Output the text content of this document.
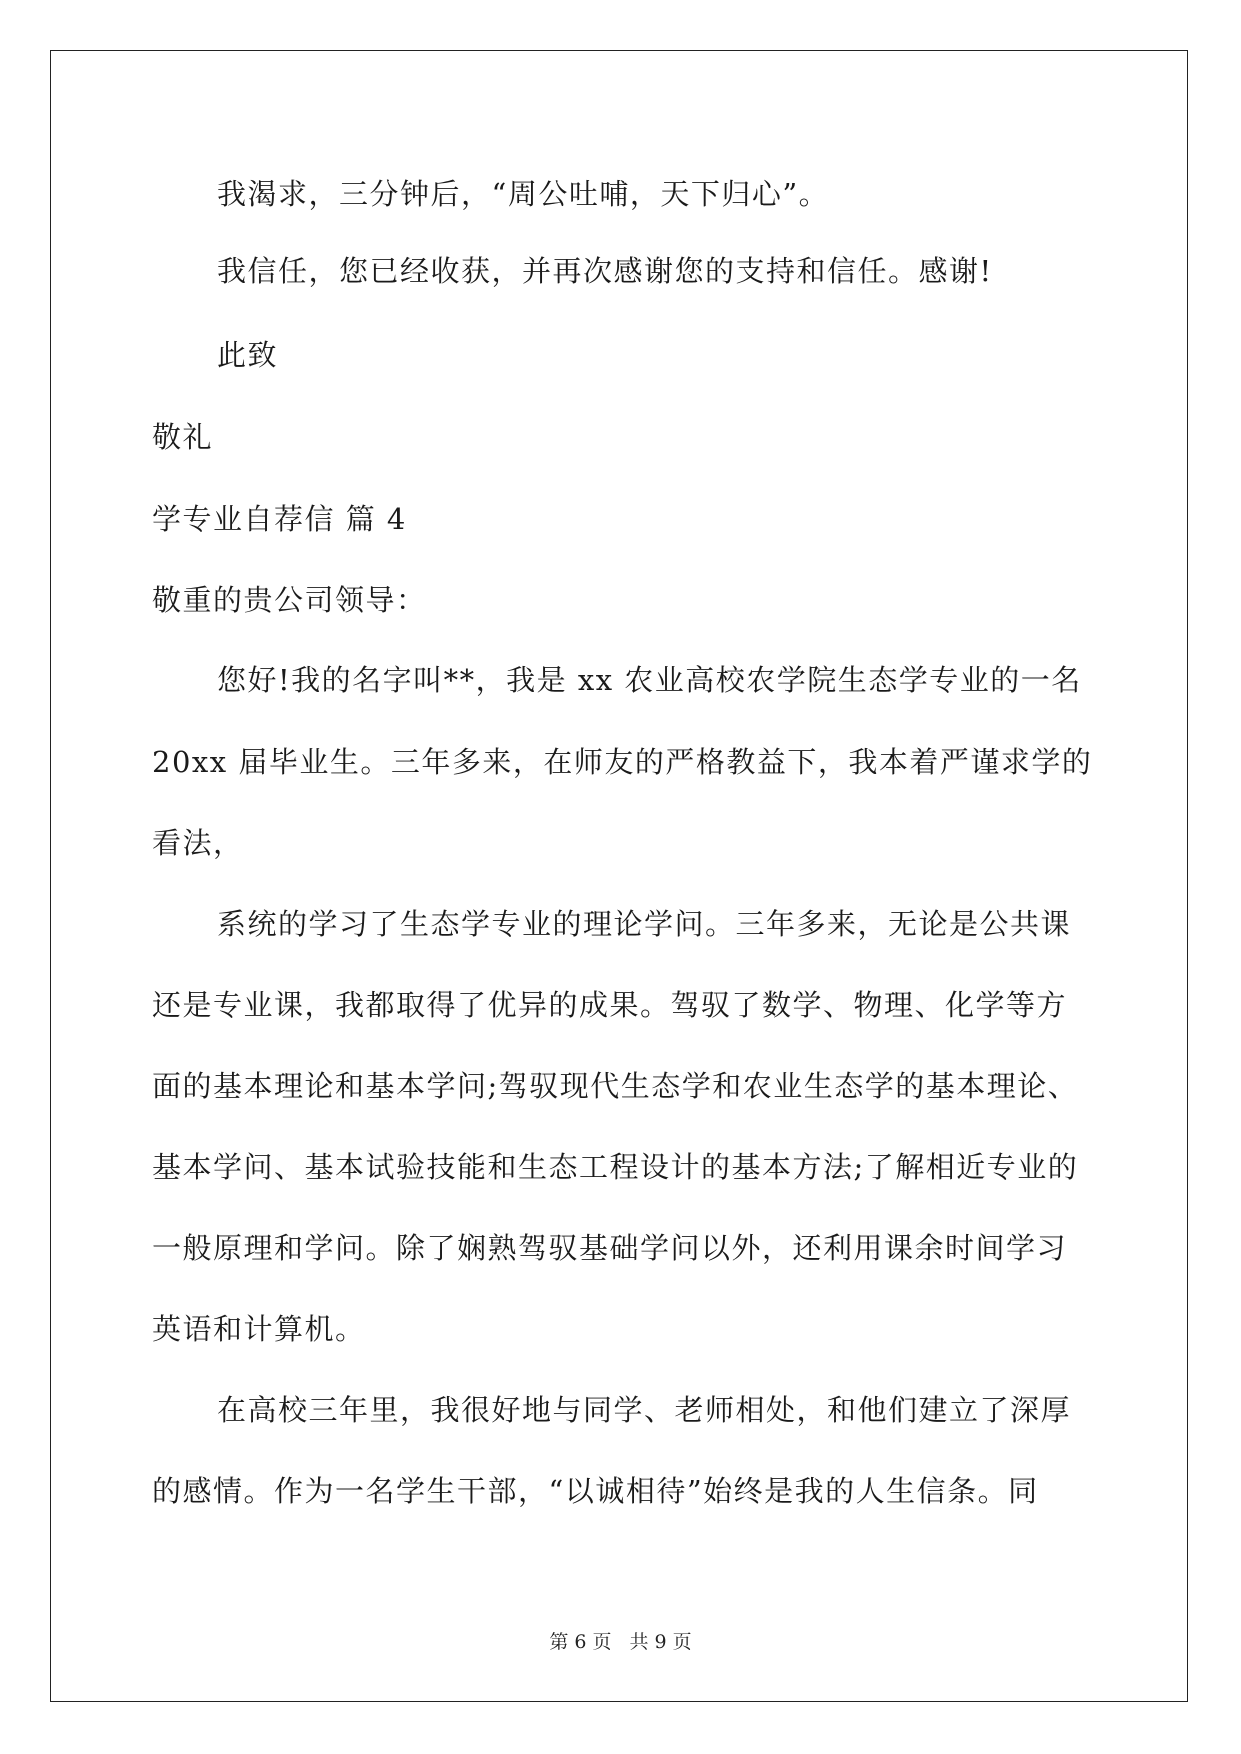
我渴求，三分钟后，“周公吐哺，天下归心”。
我信任，您已经收获，并再次感谢您的支持和信任。感谢!
此致
敬礼
学专业自荐信 篇 4
敬重的贵公司领导：
您好!我的名字叫**，我是 xx 农业高校农学院生态学专业的一名
20xx 届毕业生。三年多来，在师友的严格教益下，我本着严谨求学的
看法，
系统的学习了生态学专业的理论学问。三年多来，无论是公共课
还是专业课，我都取得了优异的成果。驾驭了数学、物理、化学等方
面的基本理论和基本学问;驾驭现代生态学和农业生态学的基本理论、
基本学问、基本试验技能和生态工程设计的基本方法;了解相近专业的
一般原理和学问。除了娴熟驾驭基础学问以外，还利用课余时间学习
英语和计算机。
在高校三年里，我很好地与同学、老师相处，和他们建立了深厚
的感情。作为一名学生干部，“以诚相待”始终是我的人生信条。同
第 6 页 共 9 页
